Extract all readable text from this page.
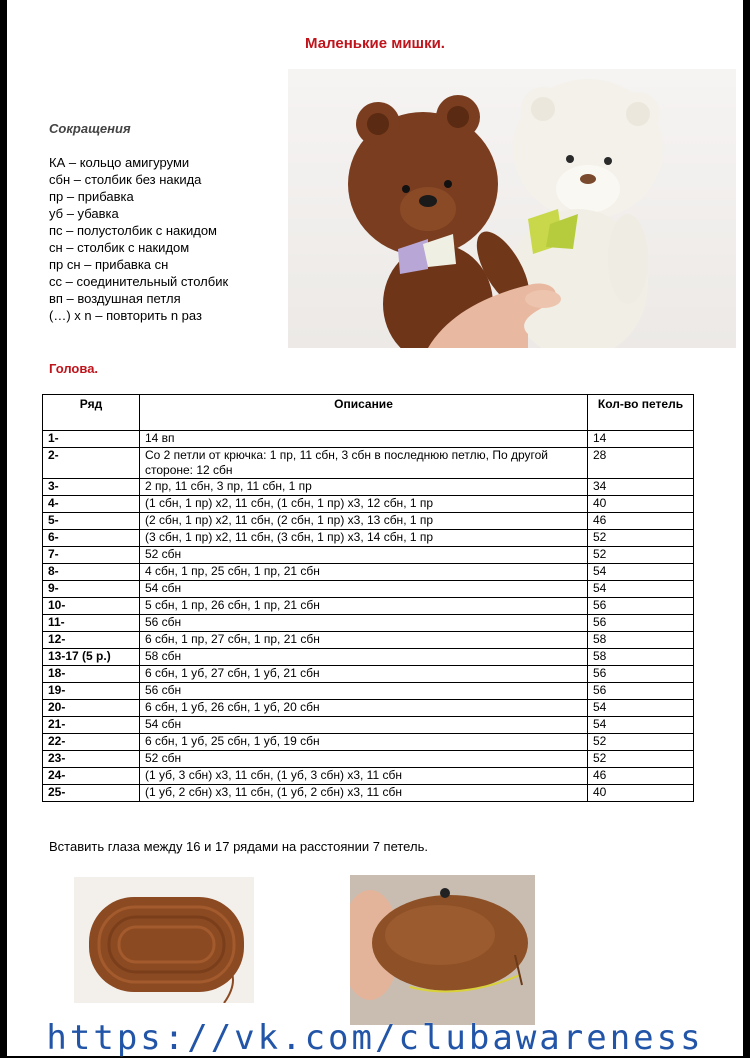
Маленькие мишки.
Сокращения
КА – кольцо амигуруми
сбн – столбик без накида
пр – прибавка
уб – убавка
пс – полустолбик с накидом
сн – столбик с накидом
пр сн – прибавка сн
сс – соединительный столбик
вп – воздушная петля
(…) x n – повторить n раз
Голова.
Ряд	Описание	Кол-во петель
1-	14 вп	14
2-	Со 2 петли от крючка: 1 пр, 11 сбн, 3 сбн в последнюю петлю, По другой стороне: 12 сбн	28
3-	2 пр, 11 сбн, 3 пр, 11 сбн, 1 пр	34
4-	(1 сбн, 1 пр) x2, 11 сбн, (1 сбн, 1 пр) x3, 12 сбн, 1 пр	40
5-	(2 сбн, 1 пр) x2, 11 сбн, (2 сбн, 1 пр) x3, 13 сбн, 1 пр	46
6-	(3 сбн, 1 пр) x2, 11 сбн, (3 сбн, 1 пр) x3, 14 сбн, 1 пр	52
7-	52 сбн	52
8-	4 сбн, 1 пр, 25 сбн, 1 пр, 21 сбн	54
9-	54 сбн	54
10-	5 сбн, 1 пр, 26 сбн, 1 пр, 21 сбн	56
11-	56 сбн	56
12-	6 сбн, 1 пр, 27 сбн, 1 пр, 21 сбн	58
13-17 (5 р.)	58 сбн	58
18-	6 сбн, 1 уб, 27 сбн, 1 уб, 21 сбн	56
19-	56 сбн	56
20-	6 сбн, 1 уб, 26 сбн, 1 уб, 20 сбн	54
21-	54 сбн	54
22-	6 сбн, 1 уб, 25 сбн, 1 уб, 19 сбн	52
23-	52 сбн	52
24-	(1 уб, 3 сбн) x3, 11 сбн, (1 уб, 3 сбн) x3, 11 сбн	46
25-	(1 уб, 2 сбн) x3, 11 сбн, (1 уб, 2 сбн) x3, 11 сбн	40
Вставить глаза между 16 и 17 рядами на расстоянии 7 петель.
https://vk.com/clubawareness
